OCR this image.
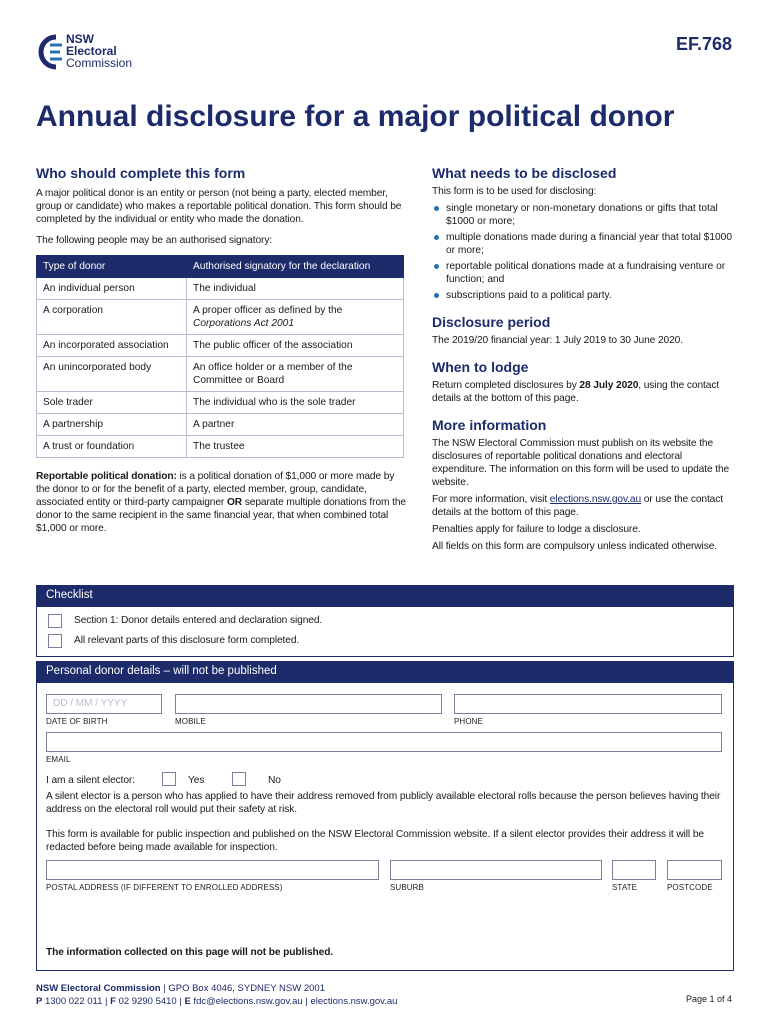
NSW
Electoral
Commission
EF.768
Annual disclosure for a major political donor
Who should complete this form

A major political donor is an entity or person (not being a party, elected member, group or candidate) who makes a reportable political donation. This form should be completed by the individual or entity who made the donation.

The following people may be an authorised signatory:

Type of donor	Authorised signatory for the declaration
An individual person	The individual
A corporation	A proper officer as defined by the
Corporations Act 2001
An incorporated association	The public officer of the association
An unincorporated body	An office holder or a member of the Committee or Board
Sole trader	The individual who is the sole trader
A partnership	A partner
A trust or foundation	The trustee

Reportable political donation: is a political donation of $1,000 or more made by the donor to or for the benefit of a party, elected member, group, candidate, associated entity or third-party campaigner OR separate multiple donations from the donor to the same recipient in the same financial year, that when combined total $1,000 or more.

What needs to be disclosed

This form is to be used for disclosing:

single monetary or non-monetary donations or gifts that total $1000 or more;
multiple donations made during a financial year that total $1000 or more;
reportable political donations made at a fundraising venture or function; and
subscriptions paid to a political party.
Disclosure period

The 2019/20 financial year: 1 July 2019 to 30 June 2020.

When to lodge

Return completed disclosures by 28 July 2020, using the contact details at the bottom of this page.

More information

The NSW Electoral Commission must publish on its website the disclosures of reportable political donations and electoral expenditure. The information on this form will be used to update the website.

For more information, visit elections.nsw.gov.au or use the contact details at the bottom of this page.

Penalties apply for failure to lodge a disclosure.

All fields on this form are compulsory unless indicated otherwise.

Checklist
Section 1: Donor details entered and declaration signed.
All relevant parts of this disclosure form completed.
Personal donor details – will not be published
DD / MM / YYYY
DATE OF BIRTH	MOBILE	PHONE
EMAIL
I am a silent elector:	Yes	No
A silent elector is a person who has applied to have their address removed from publicly available electoral rolls because the person believes having their address on the electoral roll would put their safety at risk.
This form is available for public inspection and published on the NSW Electoral Commission website. If a silent elector provides their address it will be redacted before being made available for inspection.
POSTAL ADDRESS (IF DIFFERENT TO ENROLLED ADDRESS)	SUBURB	STATE	POSTCODE
The information collected on this page will not be published.
NSW Electoral Commission | GPO Box 4046, SYDNEY NSW 2001
P 1300 022 011 | F 02 9290 5410 | E fdc@elections.nsw.gov.au | elections.nsw.gov.au	Page 1 of 4
